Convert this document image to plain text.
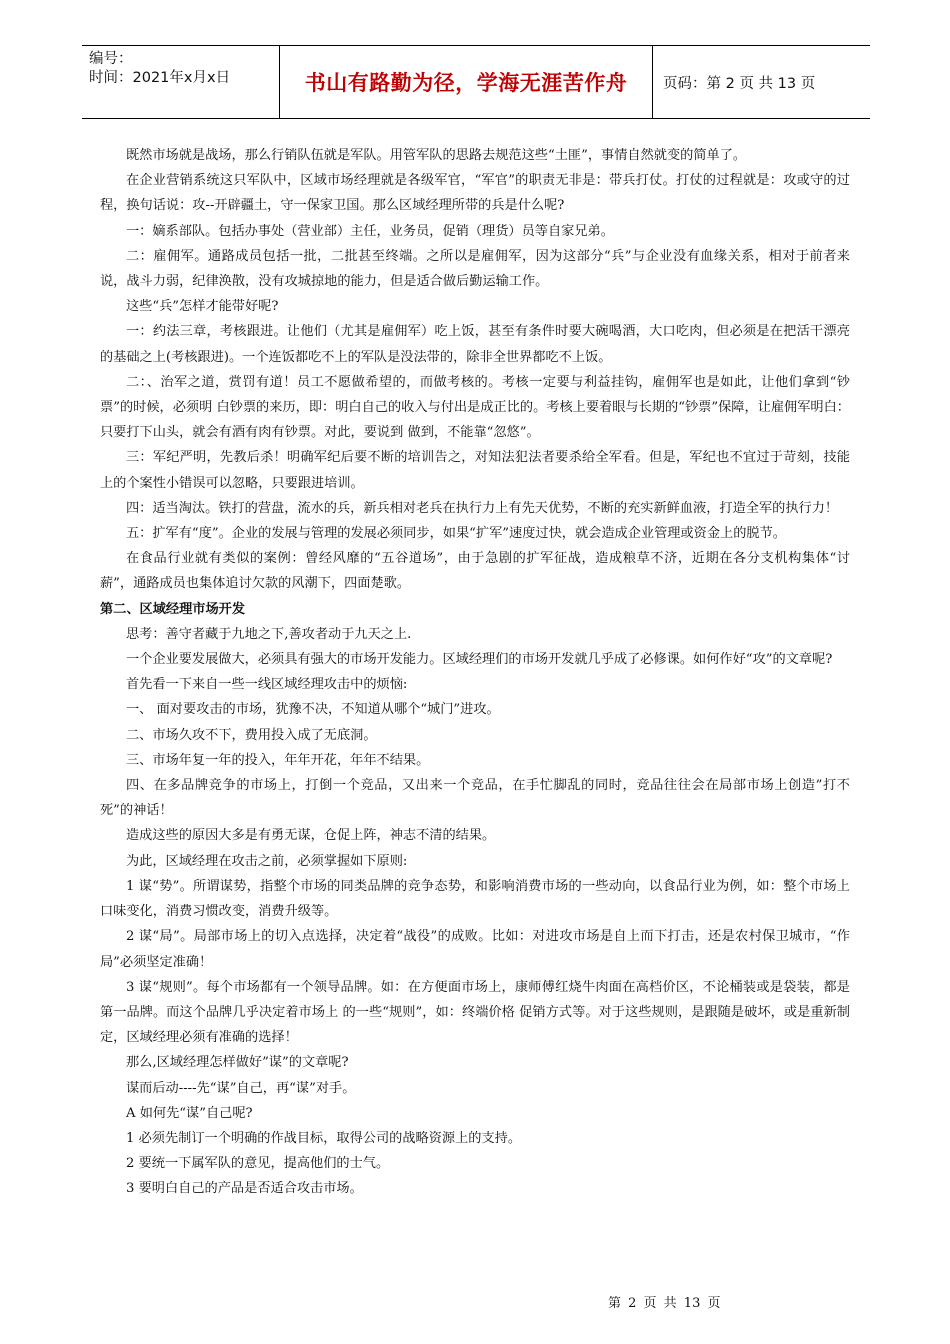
编号：
时间：2021年x月x日	书山有路勤为径，学海无涯苦作舟	页码：第 2 页 共 13 页

既然市场就是战场，那么行销队伍就是军队。用管军队的思路去规范这些“土匪”，事情自然就变的简单了。

在企业营销系统这只军队中，区域市场经理就是各级军官，“军官”的职责无非是：带兵打仗。打仗的过程就是：攻或守的过程，换句话说：攻--开辟疆土，守一保家卫国。那么区域经理所带的兵是什么呢?

一：嫡系部队。包括办事处（营业部）主任，业务员，促销（理货）员等自家兄弟。

二：雇佣军。通路成员包括一批，二批甚至终端。之所以是雇佣军，因为这部分“兵”与企业没有血缘关系，相对于前者来说，战斗力弱，纪律涣散，没有攻城掠地的能力，但是适合做后勤运输工作。

这些“兵”怎样才能带好呢?

一：约法三章，考核跟进。让他们（尤其是雇佣军）吃上饭，甚至有条件时要大碗喝酒，大口吃肉，但必须是在把活干漂亮的基础之上(考核跟进)。一个连饭都吃不上的军队是没法带的，除非全世界都吃不上饭。

二：、治军之道，赏罚有道！员工不愿做希望的，而做考核的。考核一定要与利益挂钩，雇佣军也是如此，让他们拿到“钞票”的时候，必须明 白钞票的来历，即：明白自己的收入与付出是成正比的。考核上要着眼与长期的“钞票”保障，让雇佣军明白：只要打下山头，就会有酒有肉有钞票。对此，要说到 做到，不能靠“忽悠”。

三：军纪严明，先教后杀！明确军纪后要不断的培训告之，对知法犯法者要杀给全军看。但是，军纪也不宜过于苛刻，技能上的个案性小错误可以忽略，只要跟进培训。

四：适当淘汰。铁打的营盘，流水的兵，新兵相对老兵在执行力上有先天优势，不断的充实新鲜血液，打造全军的执行力！

五：扩军有“度”。企业的发展与管理的发展必须同步，如果“扩军”速度过快，就会造成企业管理或资金上的脱节。

在食品行业就有类似的案例：曾经风靡的“五谷道场”，由于急剧的扩军征战，造成粮草不济，近期在各分支机构集体“讨薪”，通路成员也集体追讨欠款的风潮下，四面楚歌。

第二、区域经理市场开发

思考：善守者藏于九地之下,善攻者动于九天之上.

一个企业要发展做大，必须具有强大的市场开发能力。区域经理们的市场开发就几乎成了必修课。如何作好“攻”的文章呢?

首先看一下来自一些一线区域经理攻击中的烦恼:

一、 面对要攻击的市场，犹豫不决，不知道从哪个“城门”进攻。

二、市场久攻不下，费用投入成了无底洞。

三、市场年复一年的投入，年年开花，年年不结果。

四、在多品牌竞争的市场上，打倒一个竞品，又出来一个竞品，在手忙脚乱的同时，竞品往往会在局部市场上创造”打不死”的神话！

造成这些的原因大多是有勇无谋，仓促上阵，神志不清的结果。

为此，区域经理在攻击之前，必须掌握如下原则:

1 谋“势”。所谓谋势，指整个市场的同类品牌的竞争态势，和影响消费市场的一些动向，以食品行业为例，如：整个市场上口味变化，消费习惯改变，消费升级等。

2 谋“局”。局部市场上的切入点选择，决定着“战役”的成败。比如：对进攻市场是自上而下打击，还是农村保卫城市，“作局”必须坚定准确！

3 谋“规则”。每个市场都有一个领导品牌。如：在方便面市场上，康师傅红烧牛肉面在高档价区，不论桶装或是袋装，都是第一品牌。而这个品牌几乎决定着市场上 的一些“规则”，如：终端价格 促销方式等。对于这些规则，是跟随是破坏，或是重新制定，区域经理必须有准确的选择！

那么,区域经理怎样做好”谋”的文章呢?

谋而后动----先“谋”自己，再“谋”对手。

A 如何先“谋”自己呢?

1 必须先制订一个明确的作战目标，取得公司的战略资源上的支持。

2 要统一下属军队的意见，提高他们的士气。

3 要明白自己的产品是否适合攻击市场。

第 2 页 共 13 页
